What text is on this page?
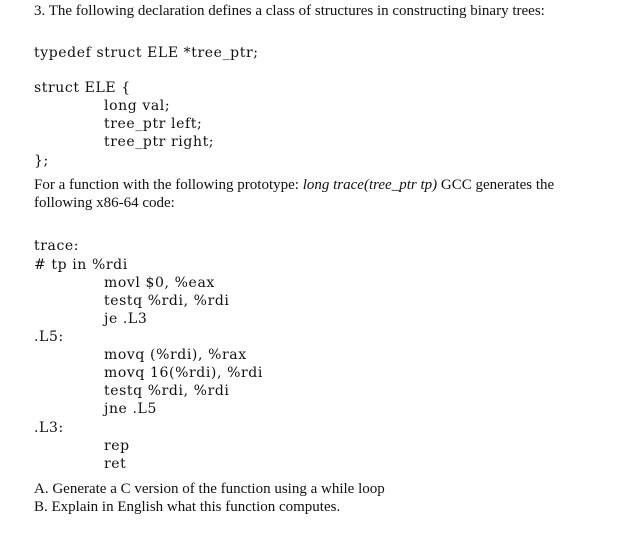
3. The following declaration defines a class of structures in constructing binary trees:
typedef struct ELE *tree_ptr;
struct ELE {
long val;
tree_ptr left;
tree_ptr right;
};
For a function with the following prototype: long trace(tree_ptr tp) GCC generates the
following x86-64 code:
trace:
# tp in %rdi
movl $0, %eax
testq %rdi, %rdi
je .L3
.L5:
movq (%rdi), %rax
movq 16(%rdi), %rdi
testq %rdi, %rdi
jne .L5
.L3:
rep
ret
A. Generate a C version of the function using a while loop
B. Explain in English what this function computes.
